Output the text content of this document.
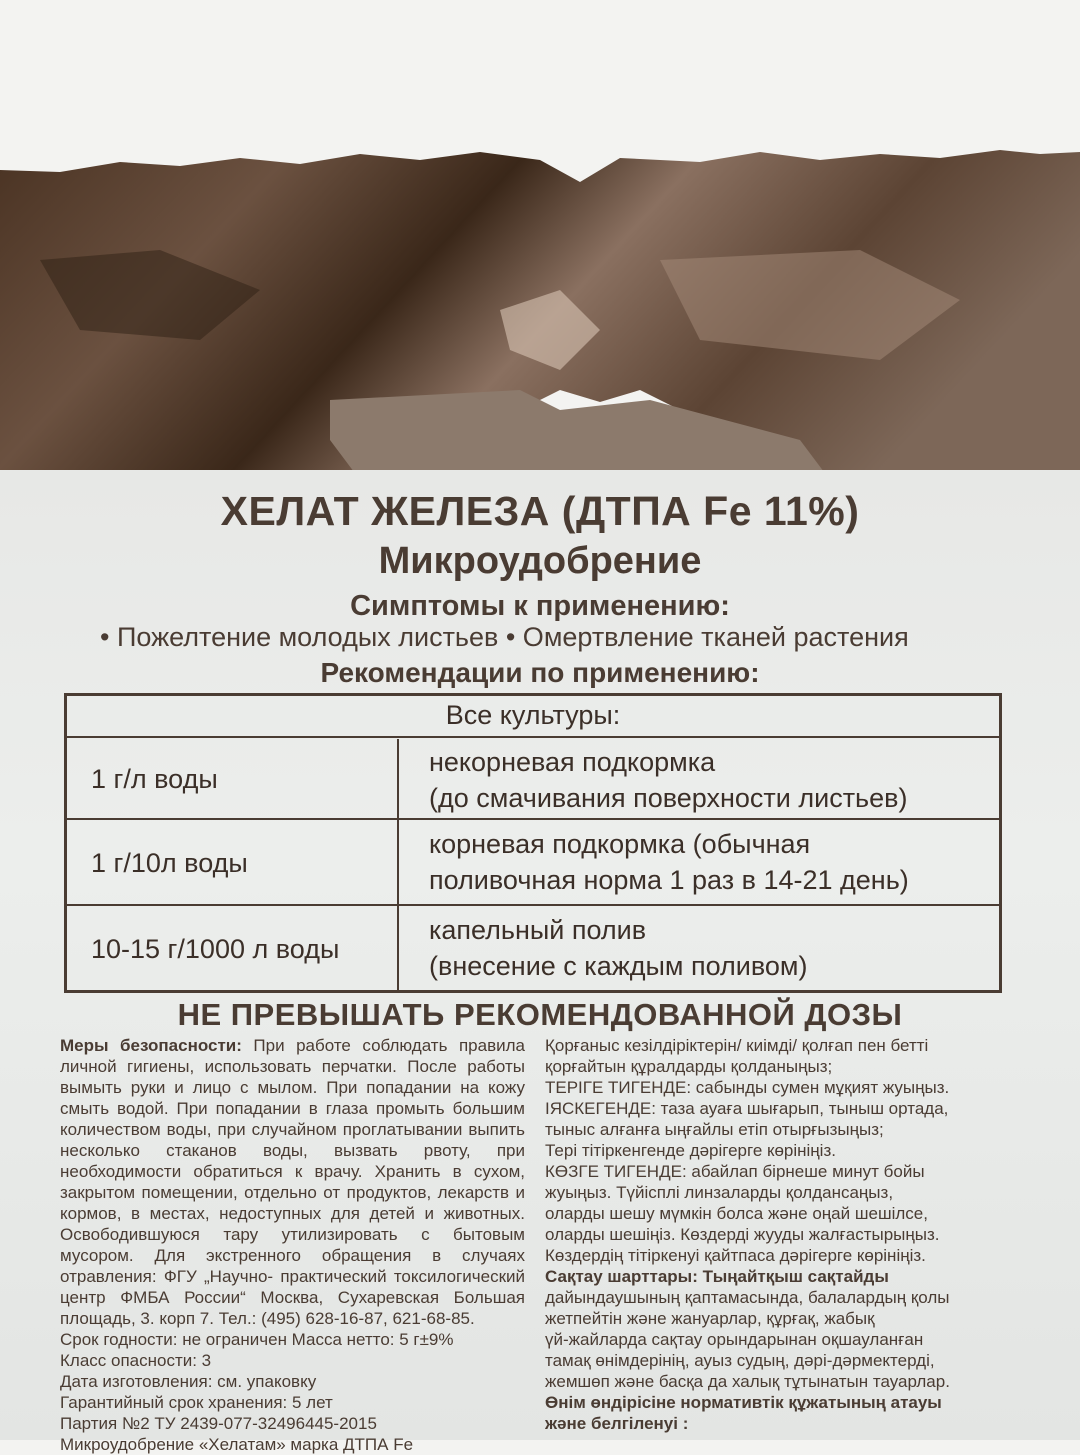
ХЕЛАТ ЖЕЛЕЗА (ДТПА Fe 11%)
Микроудобрение
Симптомы к применению:
• Пожелтение молодых листьев • Омертвление тканей растения
Рекомендации по применению:
Все культуры:
1 г/л воды
некорневая подкормка
(до смачивания поверхности листьев)
1 г/10л воды
корневая подкормка (обычная
поливочная норма 1 раз в 14-21 день)
10-15 г/1000 л воды
капельный полив
(внесение с каждым поливом)
НЕ ПРЕВЫШАТЬ РЕКОМЕНДОВАННОЙ ДОЗЫ
Меры безопасности: При работе соблюдать правила личной гигиены, использовать перчатки. После работы вымыть руки и лицо с мылом. При попадании на кожу смыть водой. При попадании в глаза промыть большим количеством воды, при случайном проглатывании выпить несколько стаканов воды, вызвать рвоту, при необходимости обратиться к врачу. Хранить в сухом, закрытом помещении, отдельно от продуктов, лекарств и кормов, в местах, недоступных для детей и животных. Освободившуюся тару утилизировать с бытовым мусором. Для экстренного обращения в случаях отравления: ФГУ „Научно- практический токсилогический центр ФМБА России“ Москва, Сухаревская Большая площадь, 3. корп 7. Тел.: (495) 628-16-87, 621-68-85.
Срок годности: не ограничен Масса нетто: 5 г±9%
Класс опасности: 3
Дата изготовления: см. упаковку
Гарантийный срок хранения: 5 лет
Партия №2 ТУ 2439-077-32496445-2015
Микроудобрение «Хелатам» марка ДТПА Fe
Қорғаныс кезілдіріктерін/ киімді/ қолғап пен бетті
қорғайтын құралдарды қолданыңыз;
ТЕРІГЕ ТИГЕНДЕ: сабынды сумен мұқият жуыңыз.
ІЯСКЕГЕНДЕ: таза ауаға шығарып, тыныш ортада,
тыныс алғанға ыңғайлы етіп отырғызыңыз;
Тері тітіркенгенде дәрігерге көрініңіз.
КӨЗГЕ ТИГЕНДЕ: абайлап бірнеше минут бойы
жуыңыз. Түйісплі линзаларды қолдансаңыз,
оларды шешу мүмкін болса және оңай шешілсе,
оларды шешіңіз. Көздерді жууды жалғастырыңыз.
Көздердің тітіркенуі қайтпаса дәрігерге көрініңіз.
Сақтау шарттары: Тыңайтқыш сақтайды
дайындаушының қаптамасында, балалардың қолы
жетпейтін және жануарлар, құрғақ, жабық
үй-жайларда сақтау орындарынан оқшауланған
тамақ өнімдерінің, ауыз судың, дәрі-дәрмектерді,
жемшөп және басқа да халық тұтынатын тауарлар.
Өнім өндірісіне нормативтік құжатының атауы
және белгіленуі :
